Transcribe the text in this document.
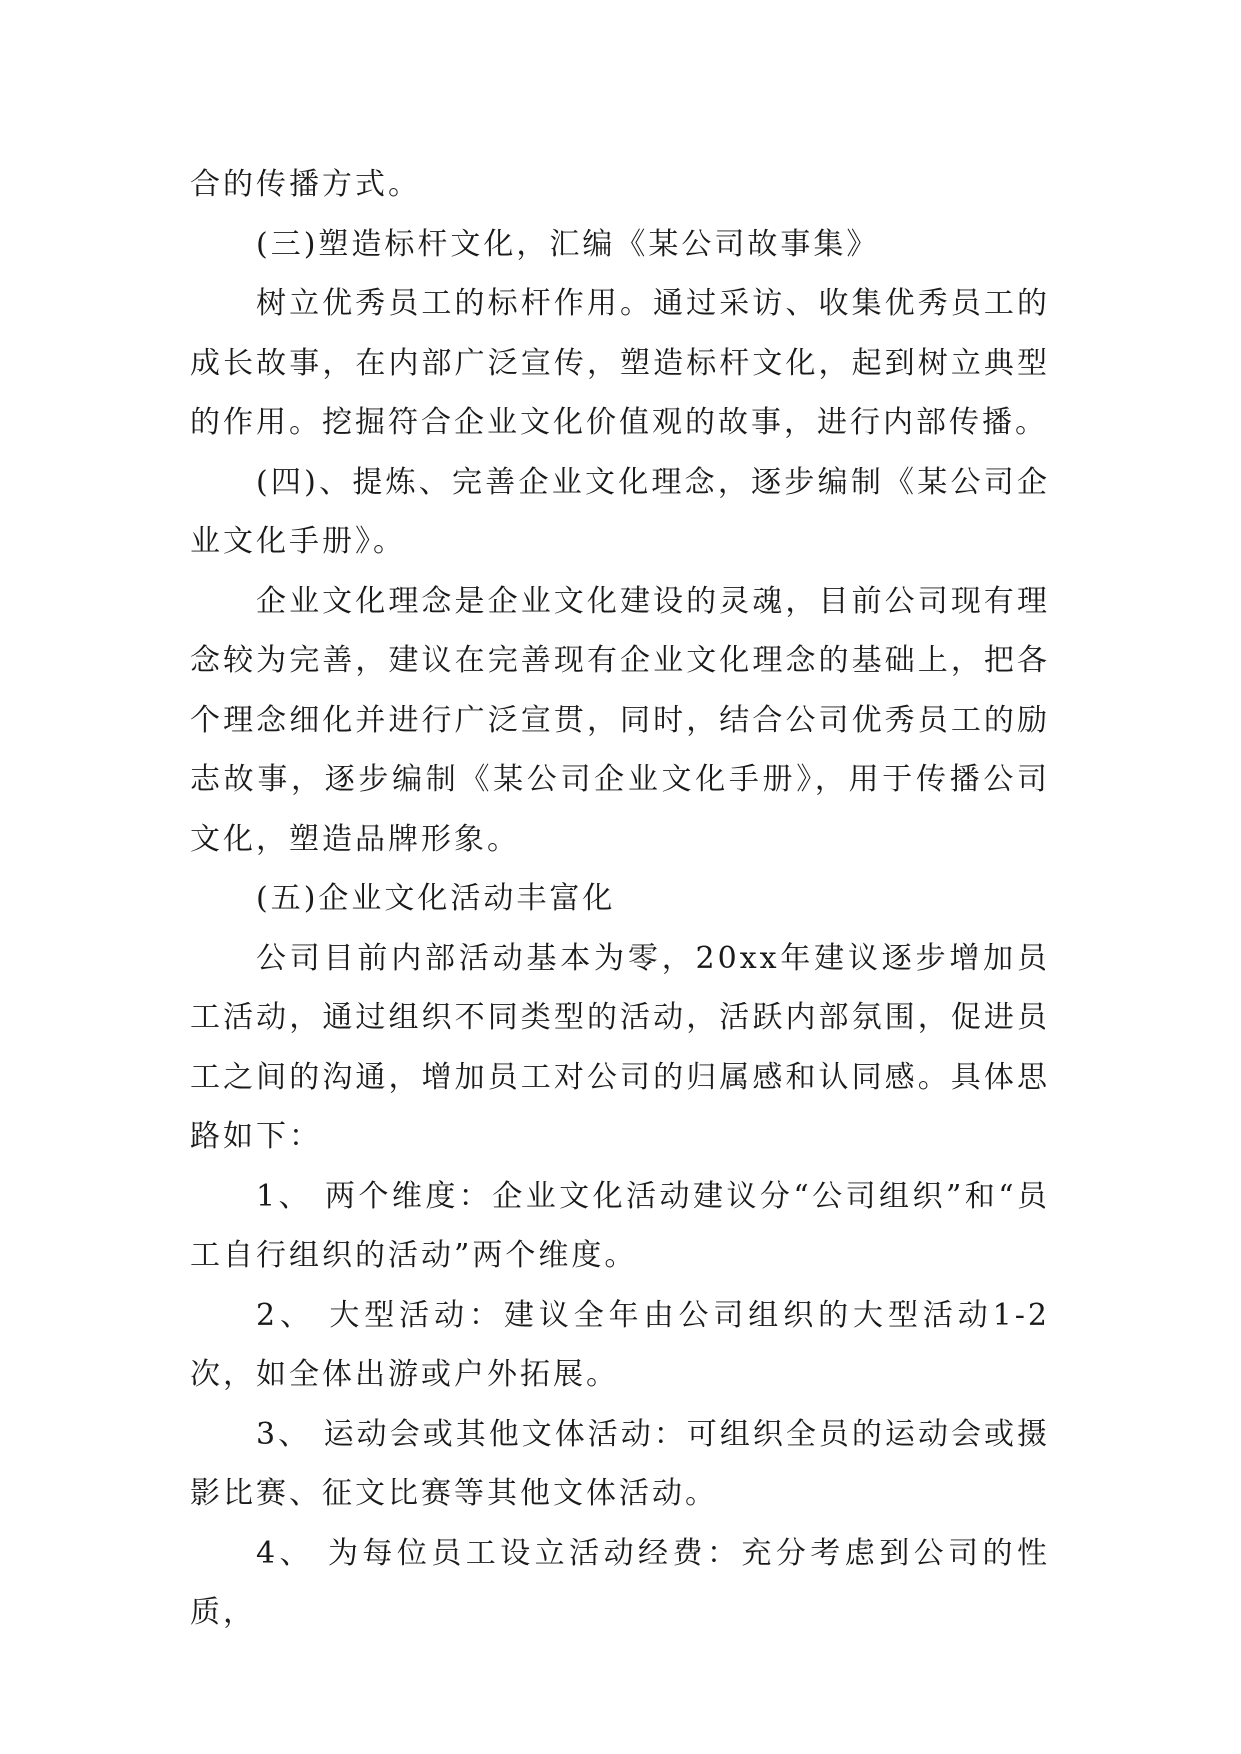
合的传播方式。

(三)塑造标杆文化，汇编《某公司故事集》

树立优秀员工的标杆作用。通过采访、收集优秀员工的成长故事，在内部广泛宣传，塑造标杆文化，起到树立典型的作用。挖掘符合企业文化价值观的故事，进行内部传播。

(四)、提炼、完善企业文化理念，逐步编制《某公司企业文化手册》。

企业文化理念是企业文化建设的灵魂，目前公司现有理念较为完善，建议在完善现有企业文化理念的基础上，把各个理念细化并进行广泛宣贯，同时，结合公司优秀员工的励志故事，逐步编制《某公司企业文化手册》，用于传播公司文化，塑造品牌形象。

(五)企业文化活动丰富化

公司目前内部活动基本为零，20xx年建议逐步增加员工活动，通过组织不同类型的活动，活跃内部氛围，促进员工之间的沟通，增加员工对公司的归属感和认同感。具体思路如下：

1、 两个维度：企业文化活动建议分“公司组织”和“员工自行组织的活动”两个维度。

2、 大型活动：建议全年由公司组织的大型活动1-2次，如全体出游或户外拓展。

3、 运动会或其他文体活动：可组织全员的运动会或摄影比赛、征文比赛等其他文体活动。

4、 为每位员工设立活动经费：充分考虑到公司的性质，
